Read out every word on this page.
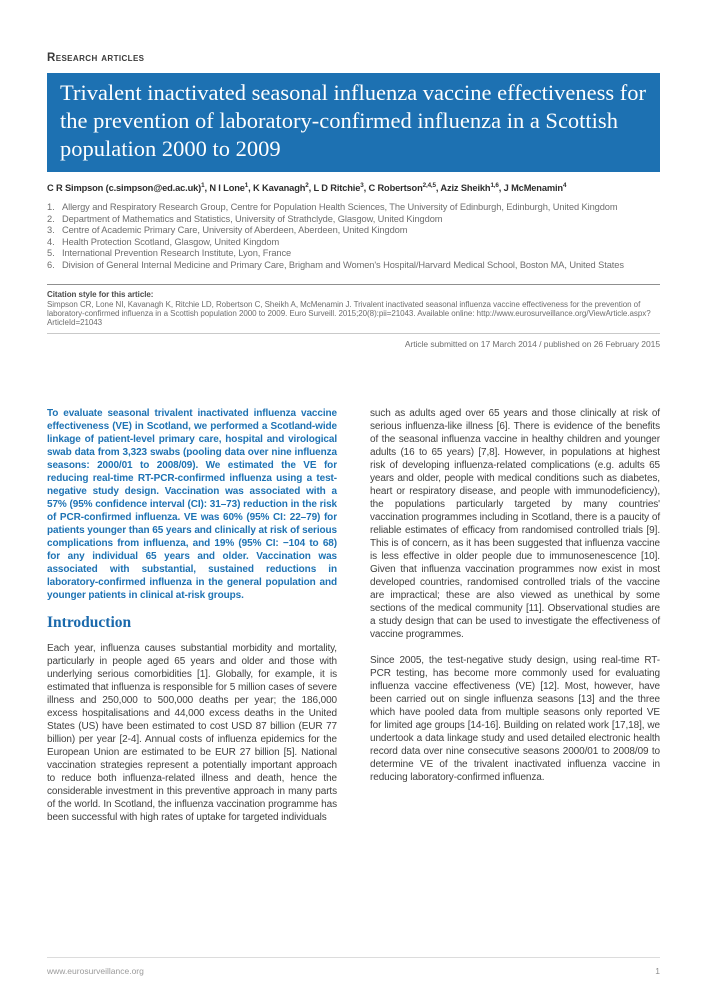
Research articles
Trivalent inactivated seasonal influenza vaccine effectiveness for the prevention of laboratory-confirmed influenza in a Scottish population 2000 to 2009

C R Simpson (c.simpson@ed.ac.uk)$^1$, N I Lone$^1$, K Kavanagh$^2$, L D Ritchie$^3$, C Robertson$^{2,4,5}$, Aziz Sheikh$^{1,6}$, J McMenamin$^4$

1. Allergy and Respiratory Research Group, Centre for Population Health Sciences, The University of Edinburgh, Edinburgh, United Kingdom
2. Department of Mathematics and Statistics, University of Strathclyde, Glasgow, United Kingdom
3. Centre of Academic Primary Care, University of Aberdeen, Aberdeen, United Kingdom
4. Health Protection Scotland, Glasgow, United Kingdom
5. International Prevention Research Institute, Lyon, France
6. Division of General Internal Medicine and Primary Care, Brigham and Women's Hospital/Harvard Medical School, Boston MA, United States
Citation style for this article:
Simpson CR, Lone NI, Kavanagh K, Ritchie LD, Robertson C, Sheikh A, McMenamin J. Trivalent inactivated seasonal influenza vaccine effectiveness for the prevention of laboratory-confirmed influenza in a Scottish population 2000 to 2009. Euro Surveill. 2015;20(8):pii=21043. Available online: http://www.eurosurveillance.org/ViewArticle.aspx?ArticleId=21043
Article submitted on 17 March 2014 / published on 26 February 2015

To evaluate seasonal trivalent inactivated influenza vaccine effectiveness (VE) in Scotland, we performed a Scotland-wide linkage of patient-level primary care, hospital and virological swab data from 3,323 swabs (pooling data over nine influenza seasons: 2000/01 to 2008/09). We estimated the VE for reducing real-time RT-PCR-confirmed influenza using a test-negative study design. Vaccination was associated with a 57% (95% confidence interval (CI): 31–73) reduction in the risk of PCR-confirmed influenza. VE was 60% (95% CI: 22–79) for patients younger than 65 years and clinically at risk of serious complications from influenza, and 19% (95% CI: −104 to 68) for any individual 65 years and older. Vaccination was associated with substantial, sustained reductions in laboratory-confirmed influenza in the general population and younger patients in clinical at-risk groups.

Introduction

Each year, influenza causes substantial morbidity and mortality, particularly in people aged 65 years and older and those with underlying serious comorbidities [1]. Globally, for example, it is estimated that influenza is responsible for 5 million cases of severe illness and 250,000 to 500,000 deaths per year; the 186,000 excess hospitalisations and 44,000 excess deaths in the United States (US) have been estimated to cost USD 87 billion (EUR 77 billion) per year [2-4]. Annual costs of influenza epidemics for the European Union are estimated to be EUR 27 billion [5]. National vaccination strategies represent a potentially important approach to reduce both influenza-related illness and death, hence the considerable investment in this preventive approach in many parts of the world. In Scotland, the influenza vaccination programme has been successful with high rates of uptake for targeted individuals

such as adults aged over 65 years and those clinically at risk of serious influenza-like illness [6]. There is evidence of the benefits of the seasonal influenza vaccine in healthy children and younger adults (16 to 65 years) [7,8]. However, in populations at highest risk of developing influenza-related complications (e.g. adults 65 years and older, people with medical conditions such as diabetes, heart or respiratory disease, and people with immunodeficiency), the populations particularly targeted by many countries' vaccination programmes including in Scotland, there is a paucity of reliable estimates of efficacy from randomised controlled trials [9]. This is of concern, as it has been suggested that influenza vaccine is less effective in older people due to immunosenescence [10]. Given that influenza vaccination programmes now exist in most developed countries, randomised controlled trials of the vaccine are impractical; these are also viewed as unethical by some sections of the medical community [11]. Observational studies are a study design that can be used to investigate the effectiveness of vaccine programmes.

Since 2005, the test-negative study design, using real-time RT-PCR testing, has become more commonly used for evaluating influenza vaccine effectiveness (VE) [12]. Most, however, have been carried out on single influenza seasons [13] and the three which have pooled data from multiple seasons only reported VE for limited age groups [14-16]. Building on related work [17,18], we undertook a data linkage study and used detailed electronic health record data over nine consecutive seasons 2000/01 to 2008/09 to determine VE of the trivalent inactivated influenza vaccine in reducing laboratory-confirmed influenza.

www.eurosurveillance.org	1
